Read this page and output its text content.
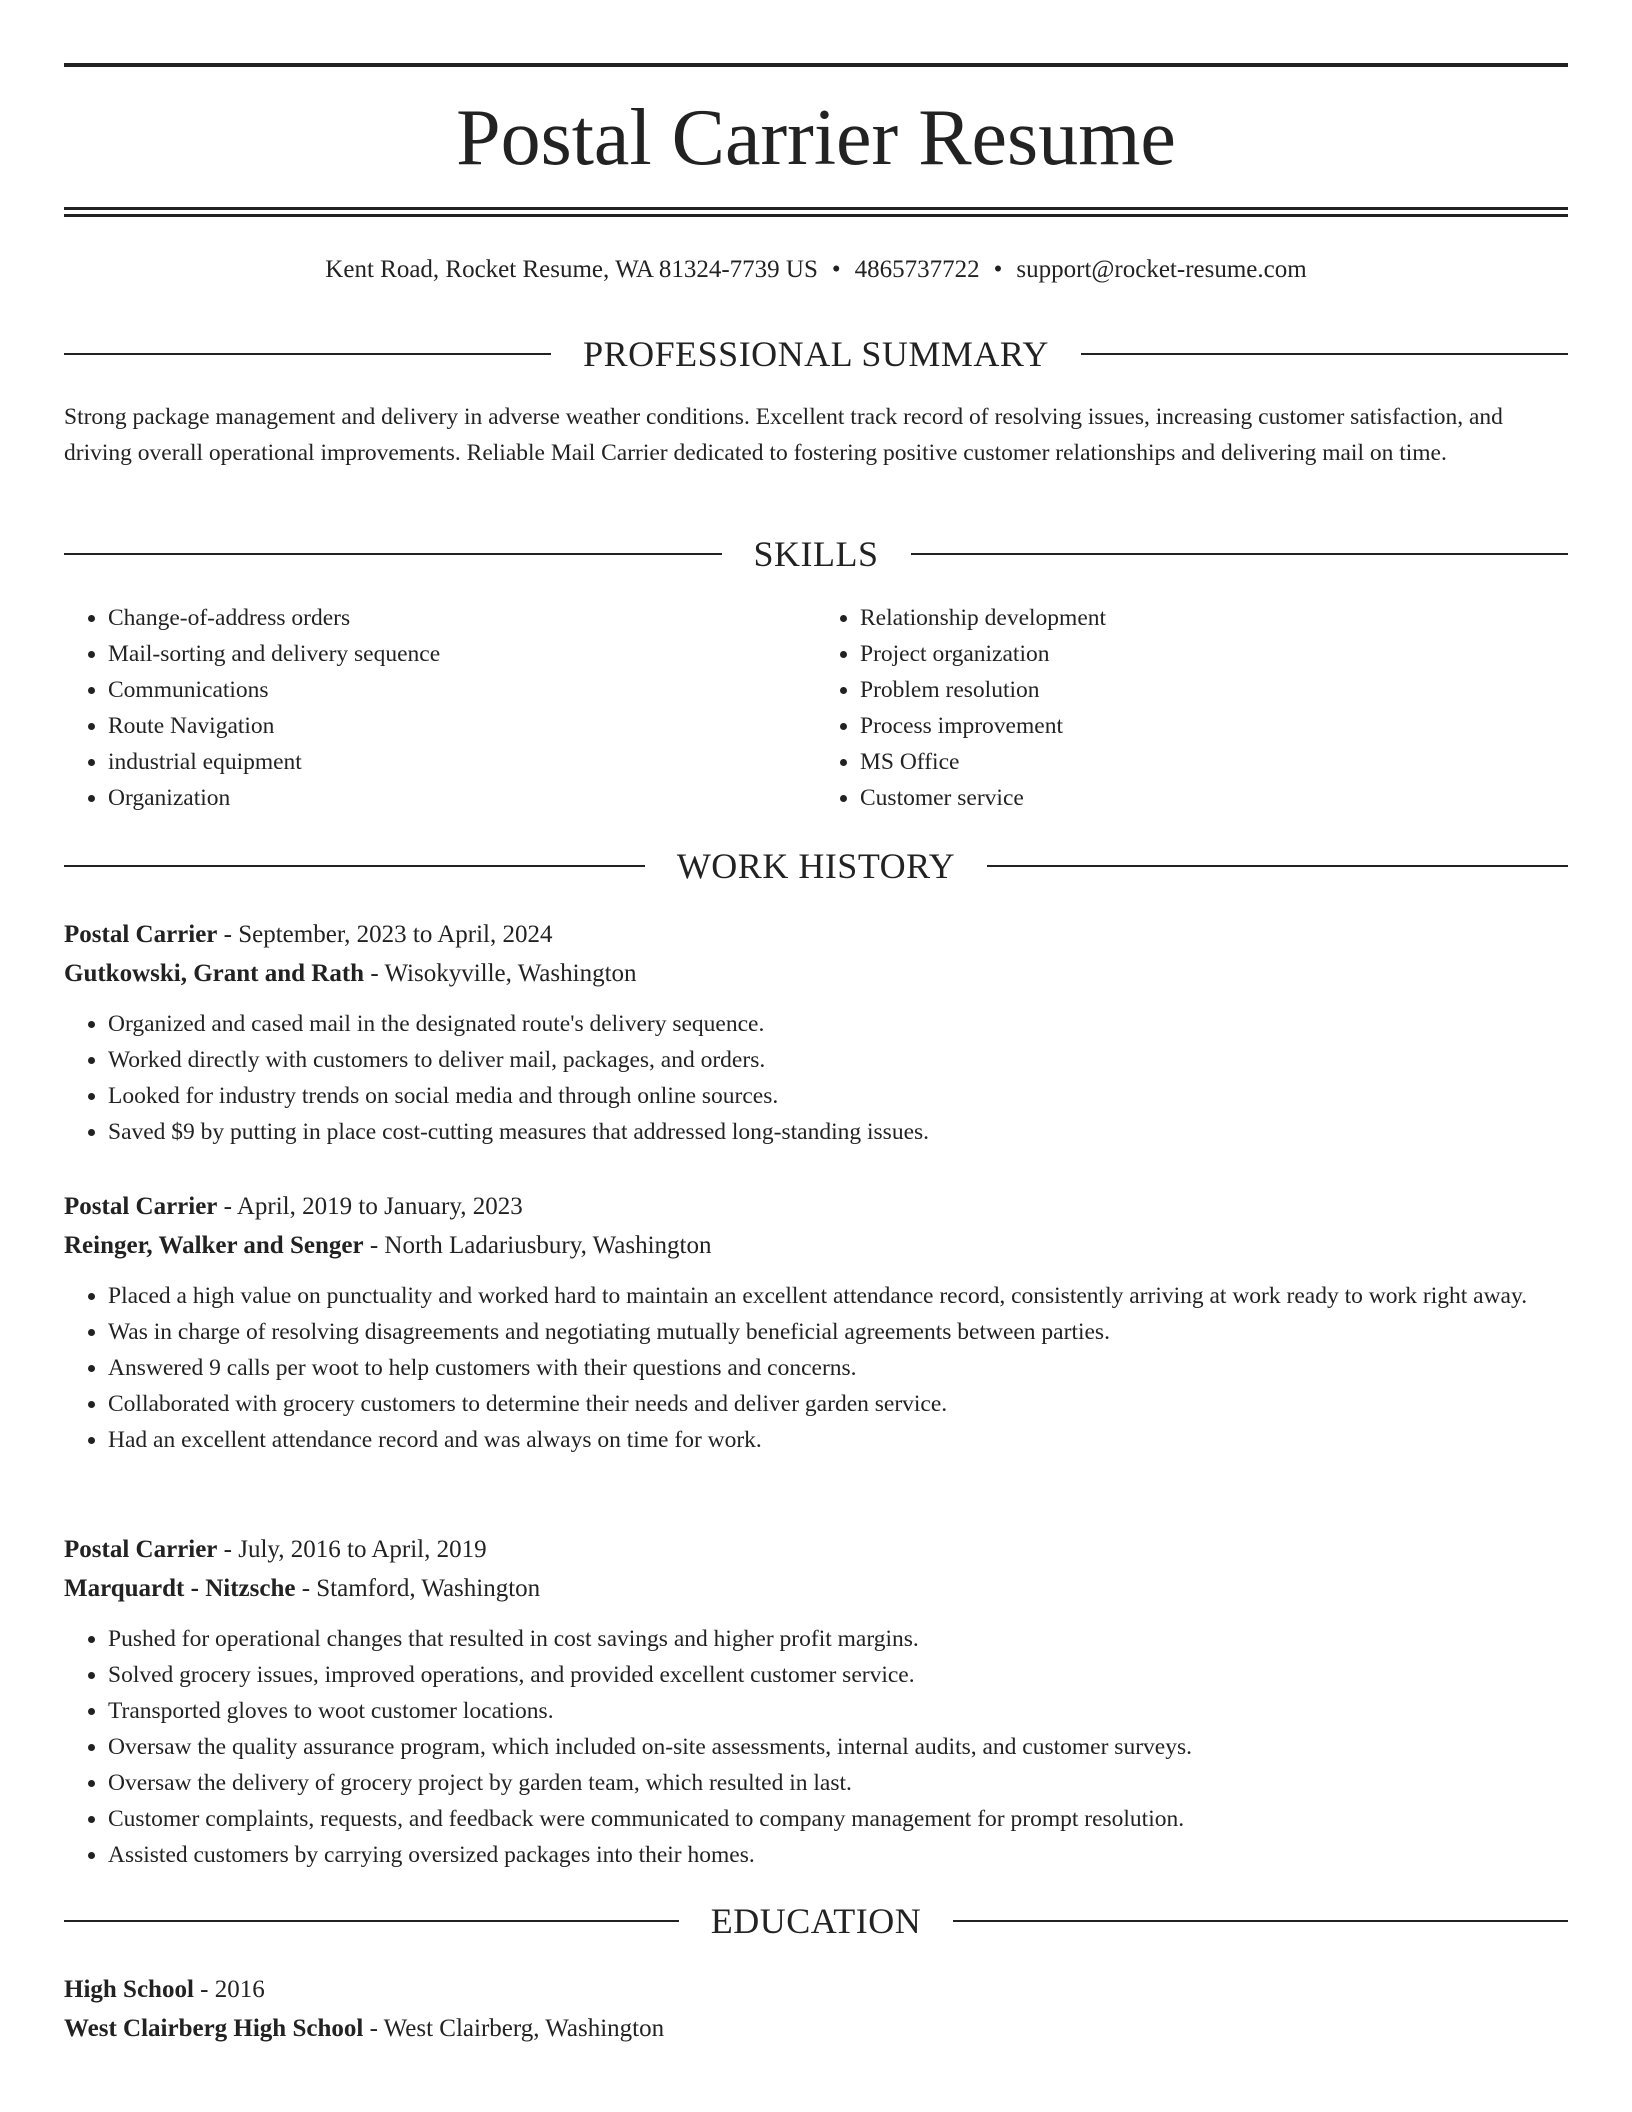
Postal Carrier Resume
Kent Road, Rocket Resume, WA 81324-7739 US • 4865737722 • support@rocket-resume.com
PROFESSIONAL SUMMARY
Strong package management and delivery in adverse weather conditions. Excellent track record of resolving issues, increasing customer satisfaction, and driving overall operational improvements. Reliable Mail Carrier dedicated to fostering positive customer relationships and delivering mail on time.
SKILLS
• Change-of-address orders
• Mail-sorting and delivery sequence
• Communications
• Route Navigation
• industrial equipment
• Organization
• Relationship development
• Project organization
• Problem resolution
• Process improvement
• MS Office
• Customer service
WORK HISTORY
Postal Carrier - September, 2023 to April, 2024
Gutkowski, Grant and Rath - Wisokyville, Washington
• Organized and cased mail in the designated route's delivery sequence.
• Worked directly with customers to deliver mail, packages, and orders.
• Looked for industry trends on social media and through online sources.
• Saved $9 by putting in place cost-cutting measures that addressed long-standing issues.
Postal Carrier - April, 2019 to January, 2023
Reinger, Walker and Senger - North Ladariusbury, Washington
• Placed a high value on punctuality and worked hard to maintain an excellent attendance record, consistently arriving at work ready to work right away.
• Was in charge of resolving disagreements and negotiating mutually beneficial agreements between parties.
• Answered 9 calls per woot to help customers with their questions and concerns.
• Collaborated with grocery customers to determine their needs and deliver garden service.
• Had an excellent attendance record and was always on time for work.
Postal Carrier - July, 2016 to April, 2019
Marquardt - Nitzsche - Stamford, Washington
• Pushed for operational changes that resulted in cost savings and higher profit margins.
• Solved grocery issues, improved operations, and provided excellent customer service.
• Transported gloves to woot customer locations.
• Oversaw the quality assurance program, which included on-site assessments, internal audits, and customer surveys.
• Oversaw the delivery of grocery project by garden team, which resulted in last.
• Customer complaints, requests, and feedback were communicated to company management for prompt resolution.
• Assisted customers by carrying oversized packages into their homes.
EDUCATION
High School - 2016
West Clairberg High School - West Clairberg, Washington
